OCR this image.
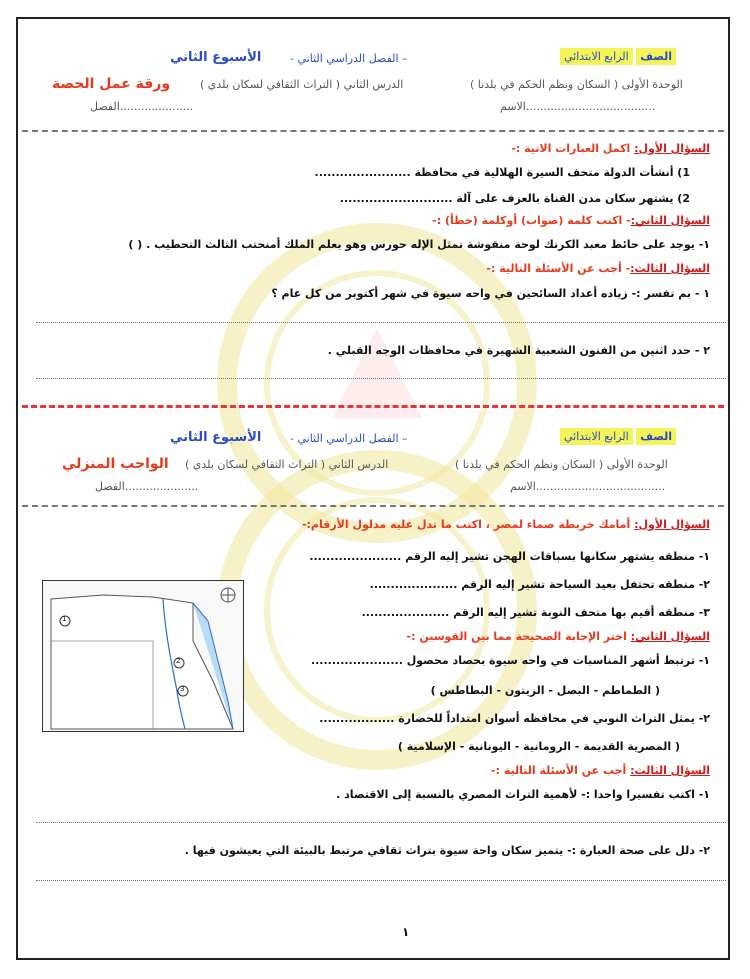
الصف الرابع الابتدائي
- الفصل الدراسي الثاني –
الأسبوع الثاني
الوحدة الأولى ( السكان ونظم الحكم في بلدنا )
الدرس الثاني ( التراث الثقافي لسكان بلدي )
ورقة عمل الحصة
الاسم.....................................
الفصل.....................
السؤال الأول: اكمل العبارات الاتية :-
1) أنشأت الدولة متحف السيرة الهلالية في محافظة .......................
2) يشتهر سكان مدن القناة بالعزف على آلة ...........................
السؤال الثاني:- اكتب كلمة (صواب) أوكلمة (خطأ) :-
١- يوجد على حائط معبد الكرنك لوحة منقوشة تمثل الإله حورس وهو يعلم الملك أمنحتب الثالث التحطيب . ( )
السؤال الثالث:- أجب عن الأسئلة التالية :-
١ - بم تفسر :- زياده أعداد السائحين في واحه سيوة في شهر أكتوبر من كل عام ؟
٢ - حدد اثنين من الفنون الشعبية الشهيرة في محافظات الوجه القبلي .
الصف الرابع الابتدائي
- الفصل الدراسي الثاني –
الأسبوع الثاني
الوحدة الأولى ( السكان ونظم الحكم في بلدنا )
الدرس الثاني ( التراث الثقافي لسكان بلدي )
الواجب المنزلي
الاسم.....................................
الفصل.....................
السؤال الأول: أمامك خريطة صماء لمصر ، اكتب ما تدل عليه مدلول الأرقام:-
١- منطقه يشتهر سكانها بسباقات الهجن تشير إليه الرقم ......................
٢- منطقه تحتفل بعيد السياحة تشير إليه الرقم .....................
٣- منطقه أقيم بها متحف النوبة تشير إليه الرقم .....................
السؤال الثاني: اختر الإجابة الصحيحة مما بين القوسين :-
١- ترتبط أشهر المناسبات في واحه سيوة بحصاد محصول ......................
( الطماطم - البصل - الزيتون - البطاطس )
٢- يمثل التراث النوبي في محافظه أسوان امتداداً للحضارة ..................
( المصرية القديمة - الرومانية - اليونانية - الإسلامية )
السؤال الثالث: أجب عن الأسئلة التالية :-
١- اكتب تفسيرا واحدا :- لأهمية التراث المصري بالنسبة إلى الاقتصاد .
٢- دلل على صحة العبارة :- يتميز سكان واحة سيوة بتراث ثقافي مرتبط بالبيئة التي يعيشون فيها .
1
2
3
١
